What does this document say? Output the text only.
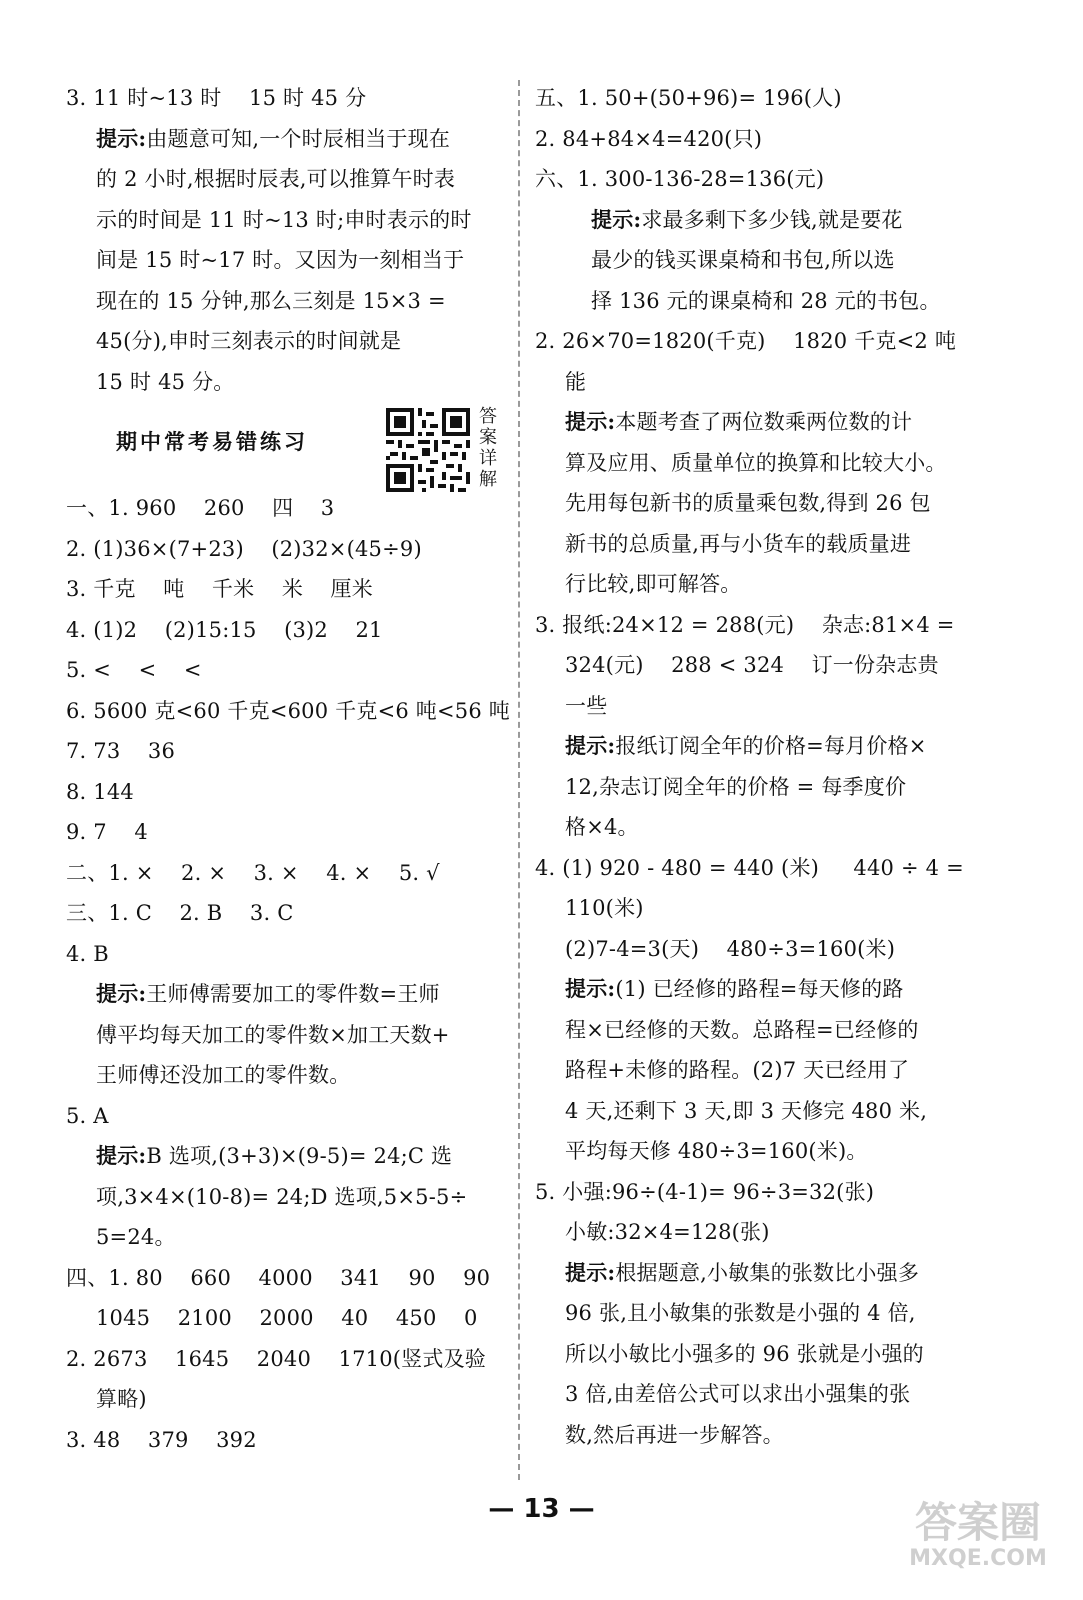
3. 11 时~13 时    15 时 45 分
提示:由题意可知,一个时辰相当于现在
的 2 小时,根据时辰表,可以推算午时表
示的时间是 11 时~13 时;申时表示的时
间是 15 时~17 时。又因为一刻相当于
现在的 15 分钟,那么三刻是 15×3 =
45(分),申时三刻表示的时间就是
15 时 45 分。
期中常考易错练习
答案详解
一、1. 960    260    四    3
2. (1)36×(7+23)    (2)32×(45÷9)
3. 千克    吨    千米    米    厘米
4. (1)2    (2)15:15    (3)2    21
5. <    <    <
6. 5600 克<60 千克<600 千克<6 吨<56 吨
7. 73    36
8. 144
9. 7    4
二、1. ×    2. ×    3. ×    4. ×    5. √
三、1. C    2. B    3. C
4. B
提示:王师傅需要加工的零件数=王师
傅平均每天加工的零件数×加工天数+
王师傅还没加工的零件数。
5. A
提示:B 选项,(3+3)×(9-5)= 24;C 选
项,3×4×(10-8)= 24;D 选项,5×5-5÷
5=24。
四、1. 80    660    4000    341    90    90
1045    2100    2000    40    450    0
2. 2673    1645    2040    1710(竖式及验
算略)
3. 48    379    392
五、1. 50+(50+96)= 196(人)
2. 84+84×4=420(只)
六、1. 300-136-28=136(元)
提示:求最多剩下多少钱,就是要花
最少的钱买课桌椅和书包,所以选
择 136 元的课桌椅和 28 元的书包。
2. 26×70=1820(千克)    1820 千克<2 吨
能
提示:本题考查了两位数乘两位数的计
算及应用、质量单位的换算和比较大小。
先用每包新书的质量乘包数,得到 26 包
新书的总质量,再与小货车的载质量进
行比较,即可解答。
3. 报纸:24×12 = 288(元)    杂志:81×4 =
324(元)    288 < 324    订一份杂志贵
一些
提示:报纸订阅全年的价格=每月价格×
12,杂志订阅全年的价格 = 每季度价
格×4。
4. (1) 920 - 480 = 440 (米)     440 ÷ 4 =
110(米)
(2)7-4=3(天)    480÷3=160(米)
提示:(1) 已经修的路程=每天修的路
程×已经修的天数。总路程=已经修的
路程+未修的路程。(2)7 天已经用了
4 天,还剩下 3 天,即 3 天修完 480 米,
平均每天修 480÷3=160(米)。
5. 小强:96÷(4-1)= 96÷3=32(张)
小敏:32×4=128(张)
提示:根据题意,小敏集的张数比小强多
96 张,且小敏集的张数是小强的 4 倍,
所以小敏比小强多的 96 张就是小强的
3 倍,由差倍公式可以求出小强集的张
数,然后再进一步解答。
— 13 —	答案圈
MXQE.COM
